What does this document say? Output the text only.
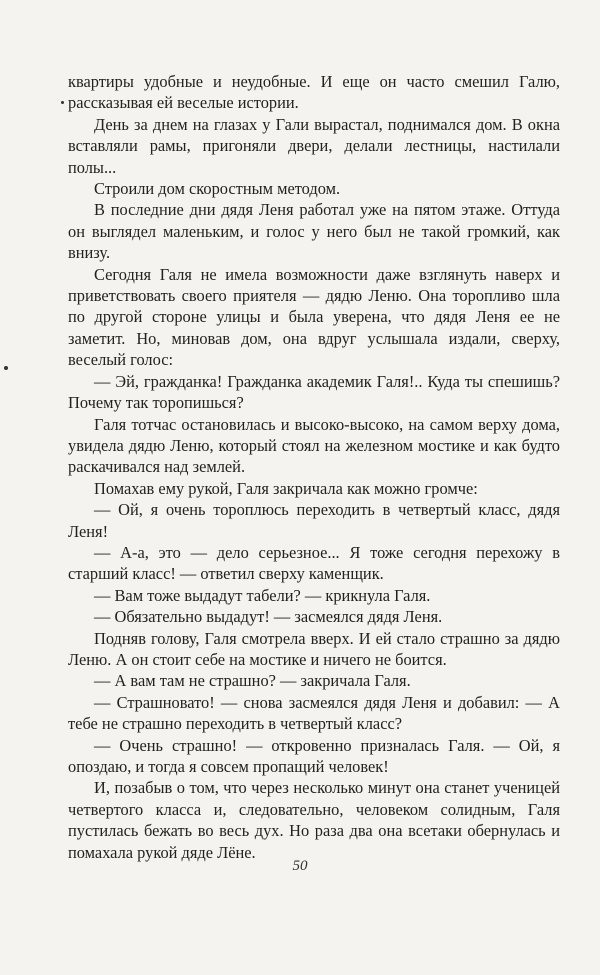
квартиры удобные и неудобные. И еще он часто смешил Галю, рассказывая ей веселые истории.

День за днем на глазах у Гали вырастал, поднимался дом. В окна вставляли рамы, пригоняли двери, делали лестницы, настилали полы...

Строили дом скоростным методом.

В последние дни дядя Леня работал уже на пятом этаже. Оттуда он выглядел маленьким, и голос у него был не такой громкий, как внизу.

Сегодня Галя не имела возможности даже взглянуть наверх и приветствовать своего приятеля — дядю Леню. Она торопливо шла по другой стороне улицы и была уверена, что дядя Леня ее не заметит. Но, миновав дом, она вдруг услышала издали, сверху, веселый голос:

— Эй, гражданка! Гражданка академик Галя!.. Куда ты спешишь? Почему так торопишься?

Галя тотчас остановилась и высоко-высоко, на самом верху дома, увидела дядю Леню, который стоял на железном мостике и как будто раскачивался над землей.

Помахав ему рукой, Галя закричала как можно громче:

— Ой, я очень тороплюсь переходить в четвертый класс, дядя Леня!

— А-а, это — дело серьезное... Я тоже сегодня перехожу в старший класс! — ответил сверху каменщик.

— Вам тоже выдадут табели? — крикнула Галя.

— Обязательно выдадут! — засмеялся дядя Леня.

Подняв голову, Галя смотрела вверх. И ей стало страшно за дядю Леню. А он стоит себе на мостике и ничего не боится.

— А вам там не страшно? — закричала Галя.

— Страшновато! — снова засмеялся дядя Леня и добавил: — А тебе не страшно переходить в четвертый класс?

— Очень страшно! — откровенно призналась Галя. — Ой, я опоздаю, и тогда я совсем пропащий человек!

И, позабыв о том, что через несколько минут она станет ученицей четвертого класса и, следовательно, человеком солидным, Галя пустилась бежать во весь дух. Но раза два она всетаки обернулась и помахала рукой дяде Лёне.

50
